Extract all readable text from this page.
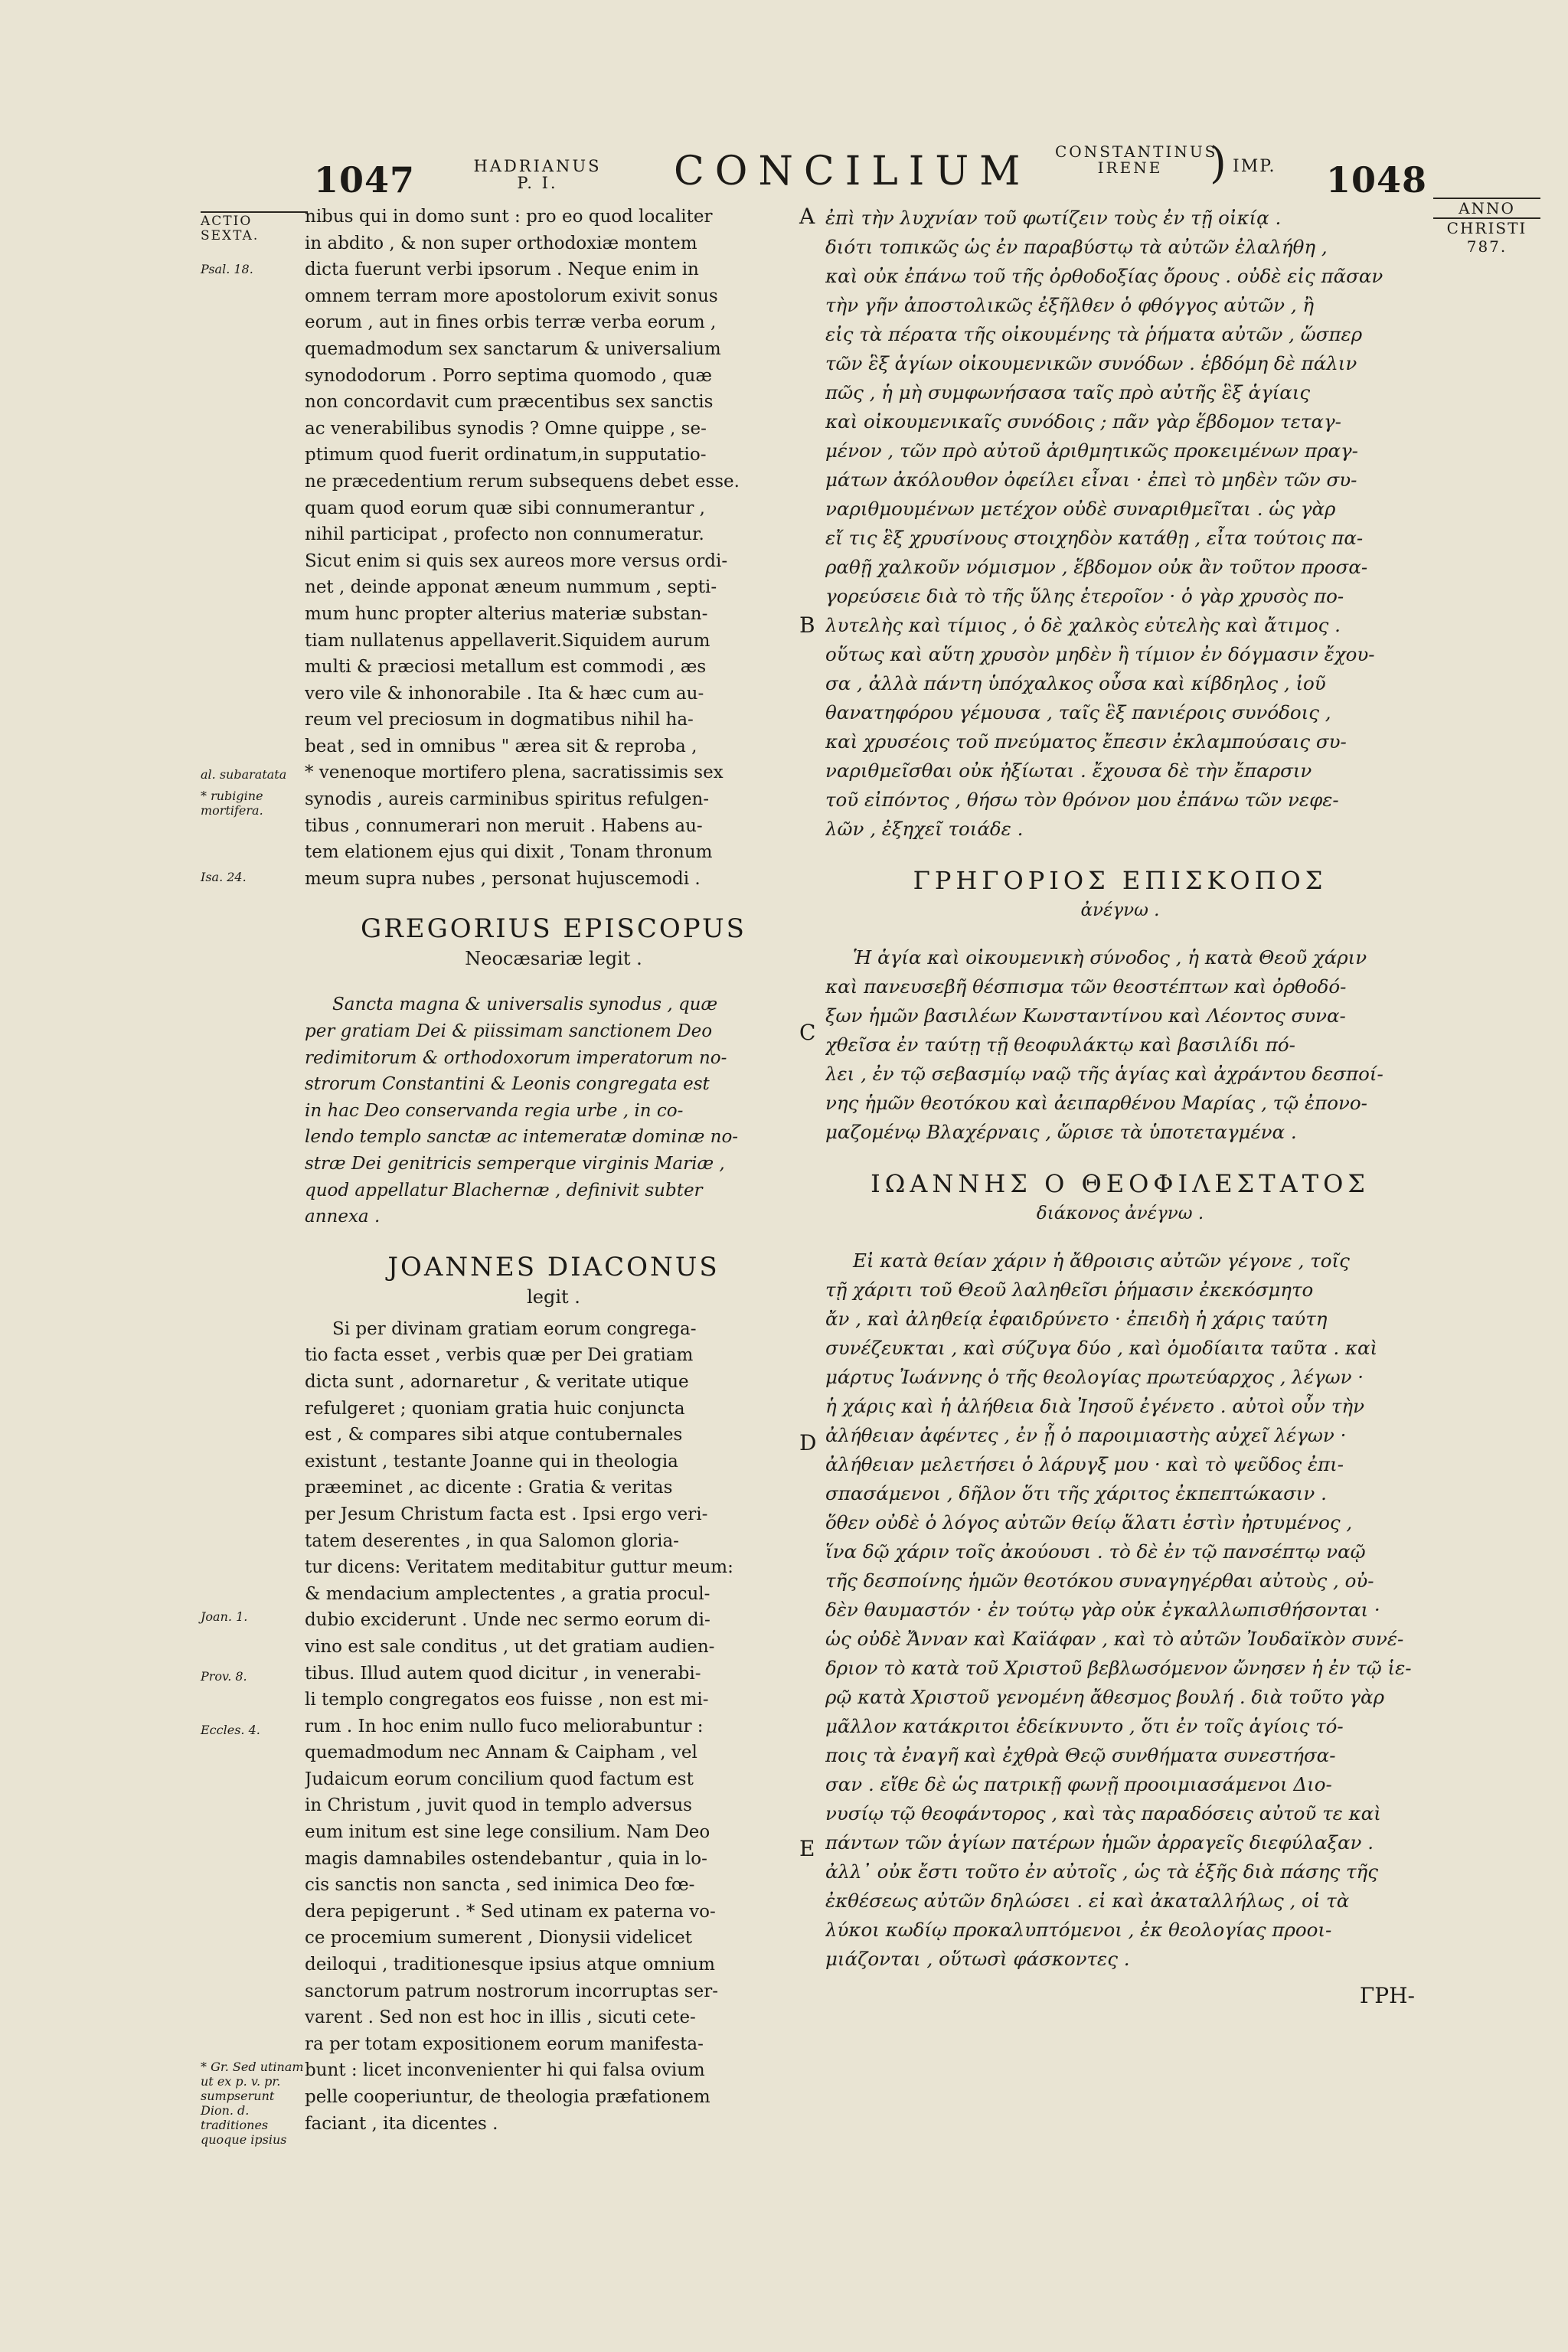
1047	HADRIANUS
P. I.	CONCILIUM CONSTANTINUS
IRENE	) IMP. 1048
ANNO
CHRISTI
787.
ACTIO
SEXTA.
Psal. 18.
al. subaratata
* rubigine mortifera.
Isa. 24.
Joan. 1.
Prov. 8.
Eccles. 4.
* Gr. Sed utinam ut ex p. v. pr. sumpserunt Dion. d. traditiones quoque ipsius
A
B
C
D
E
nibus qui in domo sunt : pro eo quod localiter
in abdito , & non super orthodoxiæ montem
dicta fuerunt verbi ipsorum . Neque enim in
omnem terram more apostolorum exivit sonus
eorum , aut in fines orbis terræ verba eorum ,
quemadmodum sex sanctarum & universalium
synododorum . Porro septima quomodo , quæ
non concordavit cum præcentibus sex sanctis
ac venerabilibus synodis ? Omne quippe , se-
ptimum quod fuerit ordinatum,in supputatio-
ne præcedentium rerum subsequens debet esse.
quam quod eorum quæ sibi connumerantur ,
nihil participat , profecto non connumeratur.
Sicut enim si quis sex aureos more versus ordi-
net , deinde apponat æneum nummum , septi-
mum hunc propter alterius materiæ substan-
tiam nullatenus appellaverit.Siquidem aurum
multi & præciosi metallum est commodi , æs
vero vile & inhonorabile . Ita & hæc cum au-
reum vel preciosum in dogmatibus nihil ha-
beat , sed in omnibus " ærea sit & reproba ,
* venenoque mortifero plena, sacratissimis sex
synodis , aureis carminibus spiritus refulgen-
tibus , connumerari non meruit . Habens au-
tem elationem ejus qui dixit , Tonam thronum
meum supra nubes , personat hujuscemodi .
GREGORIUS EPISCOPUS
Neocæsariæ legit .
Sancta magna & universalis synodus , quæ
per gratiam Dei & piissimam sanctionem Deo
redimitorum & orthodoxorum imperatorum no-
strorum Constantini & Leonis congregata est
in hac Deo conservanda regia urbe , in co-
lendo templo sanctæ ac intemeratæ dominæ no-
stræ Dei genitricis semperque virginis Mariæ ,
quod appellatur Blachernæ , definivit subter
annexa .
JOANNES DIACONUS
legit .
Si per divinam gratiam eorum congrega-
tio facta esset , verbis quæ per Dei gratiam
dicta sunt , adornaretur , & veritate utique
refulgeret ; quoniam gratia huic conjuncta
est , & compares sibi atque contubernales
existunt , testante Joanne qui in theologia
præeminet , ac dicente : Gratia & veritas
per Jesum Christum facta est . Ipsi ergo veri-
tatem deserentes , in qua Salomon gloria-
tur dicens: Veritatem meditabitur guttur meum:
& mendacium amplectentes , a gratia procul-
dubio exciderunt . Unde nec sermo eorum di-
vino est sale conditus , ut det gratiam audien-
tibus. Illud autem quod dicitur , in venerabi-
li templo congregatos eos fuisse , non est mi-
rum . In hoc enim nullo fuco meliorabuntur :
quemadmodum nec Annam & Caipham , vel
Judaicum eorum concilium quod factum est
in Christum , juvit quod in templo adversus
eum initum est sine lege consilium. Nam Deo
magis damnabiles ostendebantur , quia in lo-
cis sanctis non sancta , sed inimica Deo fœ-
dera pepigerunt . * Sed utinam ex paterna vo-
ce procemium sumerent , Dionysii videlicet
deiloqui , traditionesque ipsius atque omnium
sanctorum patrum nostrorum incorruptas ser-
varent . Sed non est hoc in illis , sicuti cete-
ra per totam expositionem eorum manifesta-
bunt : licet inconvenienter hi qui falsa ovium
pelle cooperiuntur, de theologia præfationem
faciant , ita dicentes .
ἐπὶ τὴν λυχνίαν τοῦ φωτίζειν τοὺς ἐν τῇ οἰκίᾳ .
διότι τοπικῶς ὡς ἐν παραβύστῳ τὰ αὐτῶν ἐλαλήθη ,
καὶ οὐκ ἐπάνω τοῦ τῆς ὀρθοδοξίας ὄρους . οὐδὲ εἰς πᾶσαν
τὴν γῆν ἀποστολικῶς ἐξῆλθεν ὁ φθόγγος αὐτῶν , ἢ
εἰς τὰ πέρατα τῆς οἰκουμένης τὰ ῥήματα αὐτῶν , ὥσπερ
τῶν ἓξ ἁγίων οἰκουμενικῶν συνόδων . ἑβδόμη δὲ πάλιν
πῶς , ἡ μὴ συμφωνήσασα ταῖς πρὸ αὐτῆς ἓξ ἁγίαις
καὶ οἰκουμενικαῖς συνόδοις ; πᾶν γὰρ ἕβδομον τεταγ-
μένον , τῶν πρὸ αὐτοῦ ἀριθμητικῶς προκειμένων πραγ-
μάτων ἀκόλουθον ὀφείλει εἶναι · ἐπεὶ τὸ μηδὲν τῶν συ-
ναριθμουμένων μετέχον οὐδὲ συναριθμεῖται . ὡς γὰρ
εἴ τις ἓξ χρυσίνους στοιχηδὸν κατάθῃ , εἶτα τούτοις πα-
ραθῇ χαλκοῦν νόμισμον , ἕβδομον οὐκ ἂν τοῦτον προσα-
γορεύσειε διὰ τὸ τῆς ὕλης ἑτεροῖον · ὁ γὰρ χρυσὸς πο-
λυτελὴς καὶ τίμιος , ὁ δὲ χαλκὸς εὐτελὴς καὶ ἄτιμος .
οὕτως καὶ αὕτη χρυσὸν μηδὲν ἢ τίμιον ἐν δόγμασιν ἔχου-
σα , ἀλλὰ πάντη ὑπόχαλκος οὖσα καὶ κίβδηλος , ἰοῦ
θανατηφόρου γέμουσα , ταῖς ἓξ πανιέροις συνόδοις ,
καὶ χρυσέοις τοῦ πνεύματος ἔπεσιν ἐκλαμπούσαις συ-
ναριθμεῖσθαι οὐκ ἠξίωται . ἔχουσα δὲ τὴν ἔπαρσιν
τοῦ εἰπόντος , θήσω τὸν θρόνον μου ἐπάνω τῶν νεφε-
λῶν , ἐξηχεῖ τοιάδε .
ΓΡΗΓΟΡΙΟΣ ΕΠΙΣΚΟΠΟΣ
ἀνέγνω .
Ἡ ἁγία καὶ οἰκουμενικὴ σύνοδος , ἡ κατὰ Θεοῦ χάριν
καὶ πανευσεβῆ θέσπισμα τῶν θεοστέπτων καὶ ὀρθοδό-
ξων ἡμῶν βασιλέων Κωνσταντίνου καὶ Λέοντος συνα-
χθεῖσα ἐν ταύτῃ τῇ θεοφυλάκτῳ καὶ βασιλίδι πό-
λει , ἐν τῷ σεβασμίῳ ναῷ τῆς ἁγίας καὶ ἀχράντου δεσποί-
νης ἡμῶν θεοτόκου καὶ ἀειπαρθένου Μαρίας , τῷ ἐπονο-
μαζομένῳ Βλαχέρναις , ὥρισε τὰ ὑποτεταγμένα .
ΙΩΑΝΝΗΣ Ο ΘΕΟΦΙΛΕΣΤΑΤΟΣ
διάκονος ἀνέγνω .
Εἰ κατὰ θείαν χάριν ἡ ἄθροισις αὐτῶν γέγονε , τοῖς
τῇ χάριτι τοῦ Θεοῦ λαληθεῖσι ῥήμασιν ἐκεκόσμητο
ἄν , καὶ ἀληθείᾳ ἐφαιδρύνετο · ἐπειδὴ ἡ χάρις ταύτη
συνέζευκται , καὶ σύζυγα δύο , καὶ ὁμοδίαιτα ταῦτα . καὶ
μάρτυς Ἰωάννης ὁ τῆς θεολογίας πρωτεύαρχος , λέγων ·
ἡ χάρις καὶ ἡ ἀλήθεια διὰ Ἰησοῦ ἐγένετο . αὐτοὶ οὖν τὴν
ἀλήθειαν ἀφέντες , ἐν ᾗ ὁ παροιμιαστὴς αὐχεῖ λέγων ·
ἀλήθειαν μελετήσει ὁ λάρυγξ μου · καὶ τὸ ψεῦδος ἐπι-
σπασάμενοι , δῆλον ὅτι τῆς χάριτος ἐκπεπτώκασιν .
ὅθεν οὐδὲ ὁ λόγος αὐτῶν θείῳ ἅλατι ἐστὶν ἠρτυμένος ,
ἵνα δῷ χάριν τοῖς ἀκούουσι . τὸ δὲ ἐν τῷ πανσέπτῳ ναῷ
τῆς δεσποίνης ἡμῶν θεοτόκου συναγηγέρθαι αὐτοὺς , οὐ-
δὲν θαυμαστόν · ἐν τούτῳ γὰρ οὐκ ἐγκαλλωπισθήσονται ·
ὡς οὐδὲ Ἄνναν καὶ Καϊάφαν , καὶ τὸ αὐτῶν Ἰουδαϊκὸν συνέ-
δριον τὸ κατὰ τοῦ Χριστοῦ βεβλωσόμενον ὤνησεν ἡ ἐν τῷ ἱε-
ρῷ κατὰ Χριστοῦ γενομένη ἄθεσμος βουλή . διὰ τοῦτο γὰρ
μᾶλλον κατάκριτοι ἐδείκνυντο , ὅτι ἐν τοῖς ἁγίοις τό-
ποις τὰ ἐναγῆ καὶ ἐχθρὰ Θεῷ συνθήματα συνεστήσα-
σαν . εἴθε δὲ ὡς πατρικῇ φωνῇ προοιμιασάμενοι Διο-
νυσίῳ τῷ θεοφάντορος , καὶ τὰς παραδόσεις αὐτοῦ τε καὶ
πάντων τῶν ἁγίων πατέρων ἡμῶν ἀρραγεῖς διεφύλαξαν .
ἀλλ᾽ οὐκ ἔστι τοῦτο ἐν αὐτοῖς , ὡς τὰ ἑξῆς διὰ πάσης τῆς
ἐκθέσεως αὐτῶν δηλώσει . εἰ καὶ ἀκαταλλήλως , οἱ τὰ
λύκοι κωδίῳ προκαλυπτόμενοι , ἐκ θεολογίας προοι-
μιάζονται , οὕτωσὶ φάσκοντες .
ΓΡΗ-
